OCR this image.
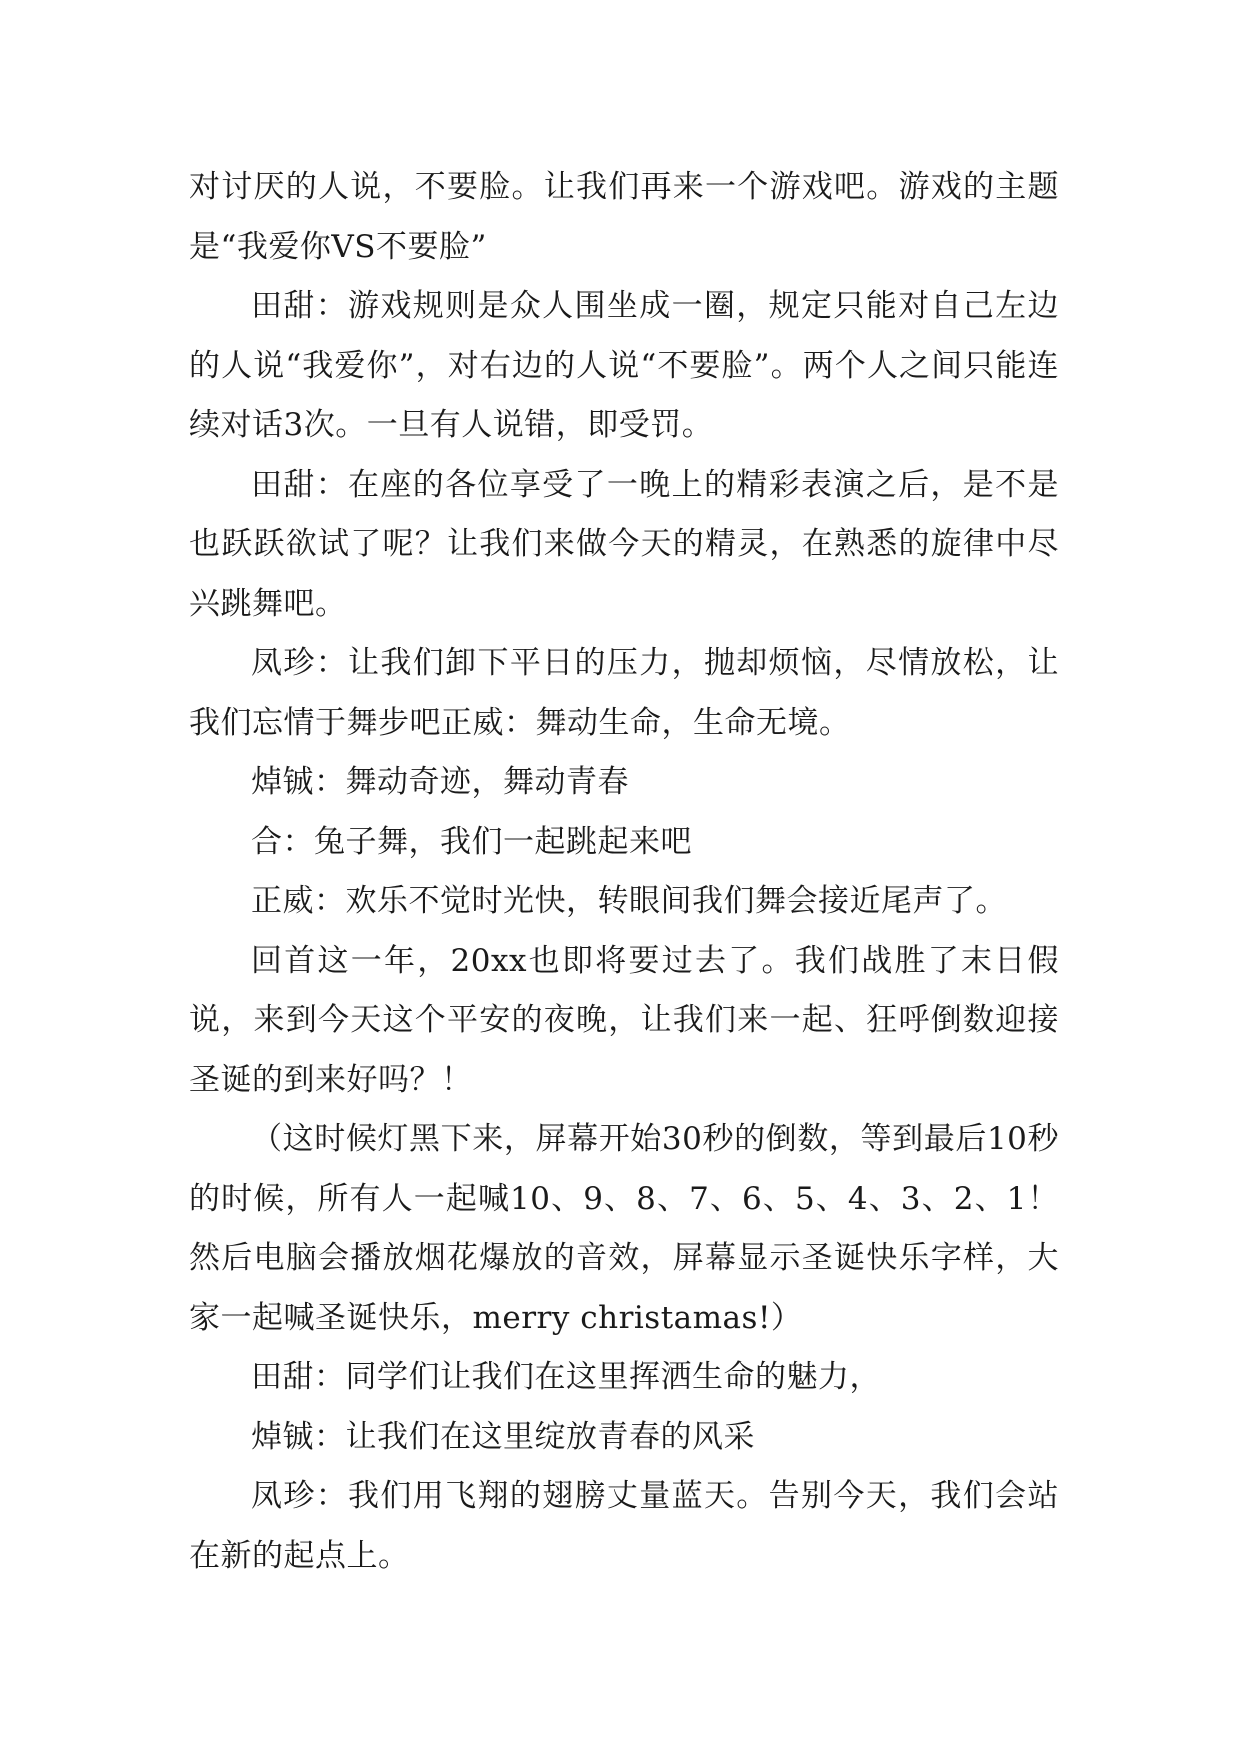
对讨厌的人说，不要脸。让我们再来一个游戏吧。游戏的主题是“我爱你VS不要脸”

田甜：游戏规则是众人围坐成一圈，规定只能对自己左边的人说“我爱你”，对右边的人说“不要脸”。两个人之间只能连续对话3次。一旦有人说错，即受罚。

田甜：在座的各位享受了一晚上的精彩表演之后，是不是也跃跃欲试了呢？让我们来做今天的精灵，在熟悉的旋律中尽兴跳舞吧。

凤珍：让我们卸下平日的压力，抛却烦恼，尽情放松，让我们忘情于舞步吧正威：舞动生命，生命无境。

焯铖：舞动奇迹，舞动青春

合：兔子舞，我们一起跳起来吧

正威：欢乐不觉时光快，转眼间我们舞会接近尾声了。

回首这一年，20xx也即将要过去了。我们战胜了末日假说，来到今天这个平安的夜晚，让我们来一起、狂呼倒数迎接圣诞的到来好吗？！

（这时候灯黑下来，屏幕开始30秒的倒数，等到最后10秒的时候，所有人一起喊10、9、8、7、6、5、4、3、2、1！然后电脑会播放烟花爆放的音效，屏幕显示圣诞快乐字样，大家一起喊圣诞快乐，merry christamas!）

田甜：同学们让我们在这里挥洒生命的魅力，

焯铖：让我们在这里绽放青春的风采

凤珍：我们用飞翔的翅膀丈量蓝天。告别今天，我们会站在新的起点上。
